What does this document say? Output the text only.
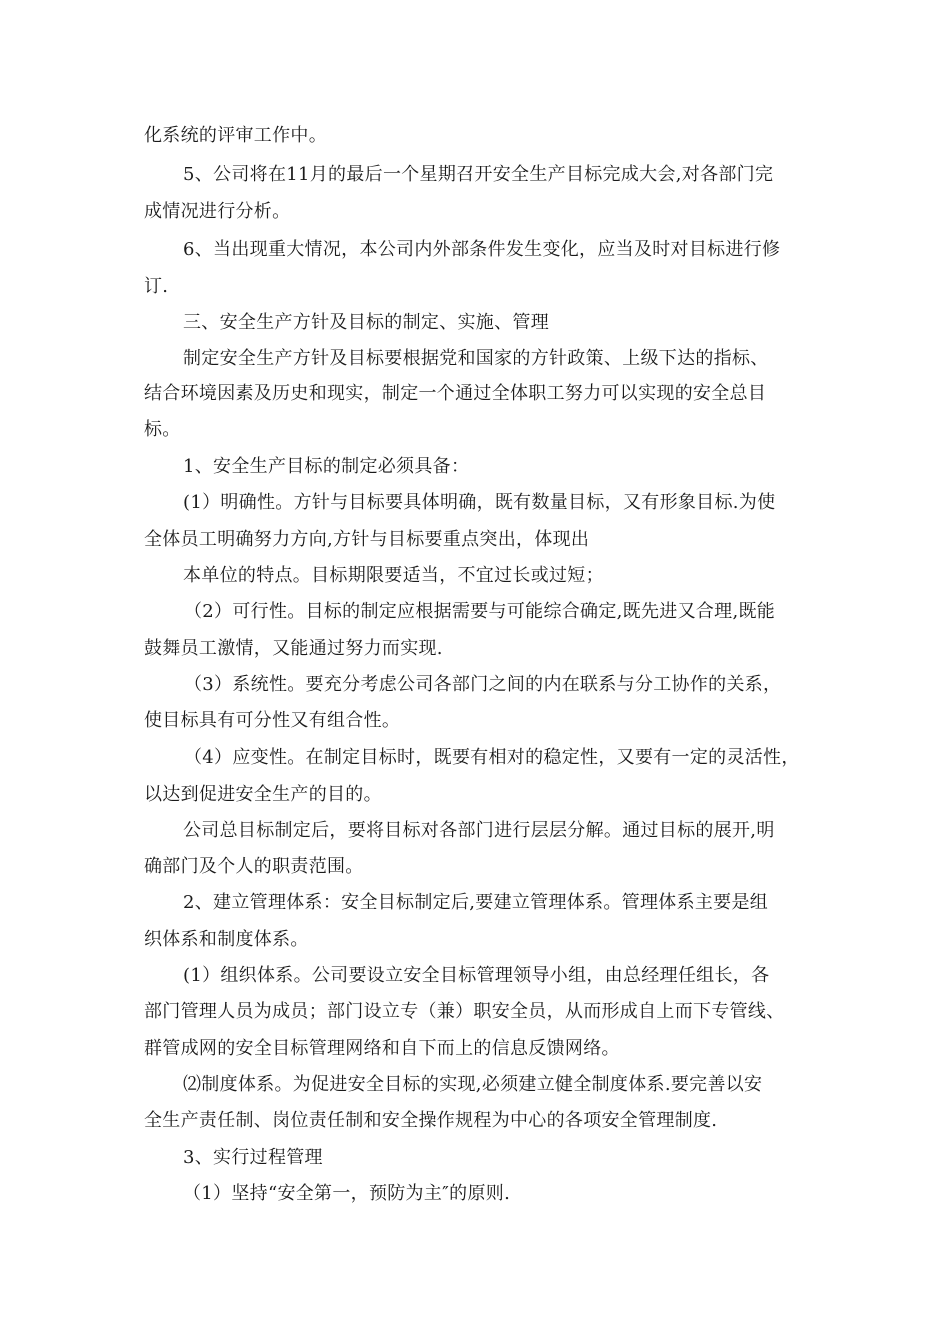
化系统的评审工作中。
5、公司将在11月的最后一个星期召开安全生产目标完成大会,对各部门完
成情况进行分析。
6、当出现重大情况，本公司内外部条件发生变化，应当及时对目标进行修
订.
三、安全生产方针及目标的制定、实施、管理
制定安全生产方针及目标要根据党和国家的方针政策、上级下达的指标、
结合环境因素及历史和现实，制定一个通过全体职工努力可以实现的安全总目
标。
1、安全生产目标的制定必须具备：
(1）明确性。方针与目标要具体明确，既有数量目标，又有形象目标.为使
全体员工明确努力方向,方针与目标要重点突出，体现出
本单位的特点。目标期限要适当，不宜过长或过短；
（2）可行性。目标的制定应根据需要与可能综合确定,既先进又合理,既能
鼓舞员工激情，又能通过努力而实现.
（3）系统性。要充分考虑公司各部门之间的内在联系与分工协作的关系，
使目标具有可分性又有组合性。
（4）应变性。在制定目标时，既要有相对的稳定性，又要有一定的灵活性，
以达到促进安全生产的目的。
公司总目标制定后，要将目标对各部门进行层层分解。通过目标的展开,明
确部门及个人的职责范围。
2、建立管理体系：安全目标制定后,要建立管理体系。管理体系主要是组
织体系和制度体系。
(1）组织体系。公司要设立安全目标管理领导小组，由总经理任组长，各
部门管理人员为成员；部门设立专（兼）职安全员，从而形成自上而下专管线、
群管成网的安全目标管理网络和自下而上的信息反馈网络。
⑵制度体系。为促进安全目标的实现,必须建立健全制度体系.要完善以安
全生产责任制、岗位责任制和安全操作规程为中心的各项安全管理制度.
3、实行过程管理
（1）坚持“安全第一，预防为主″的原则.
